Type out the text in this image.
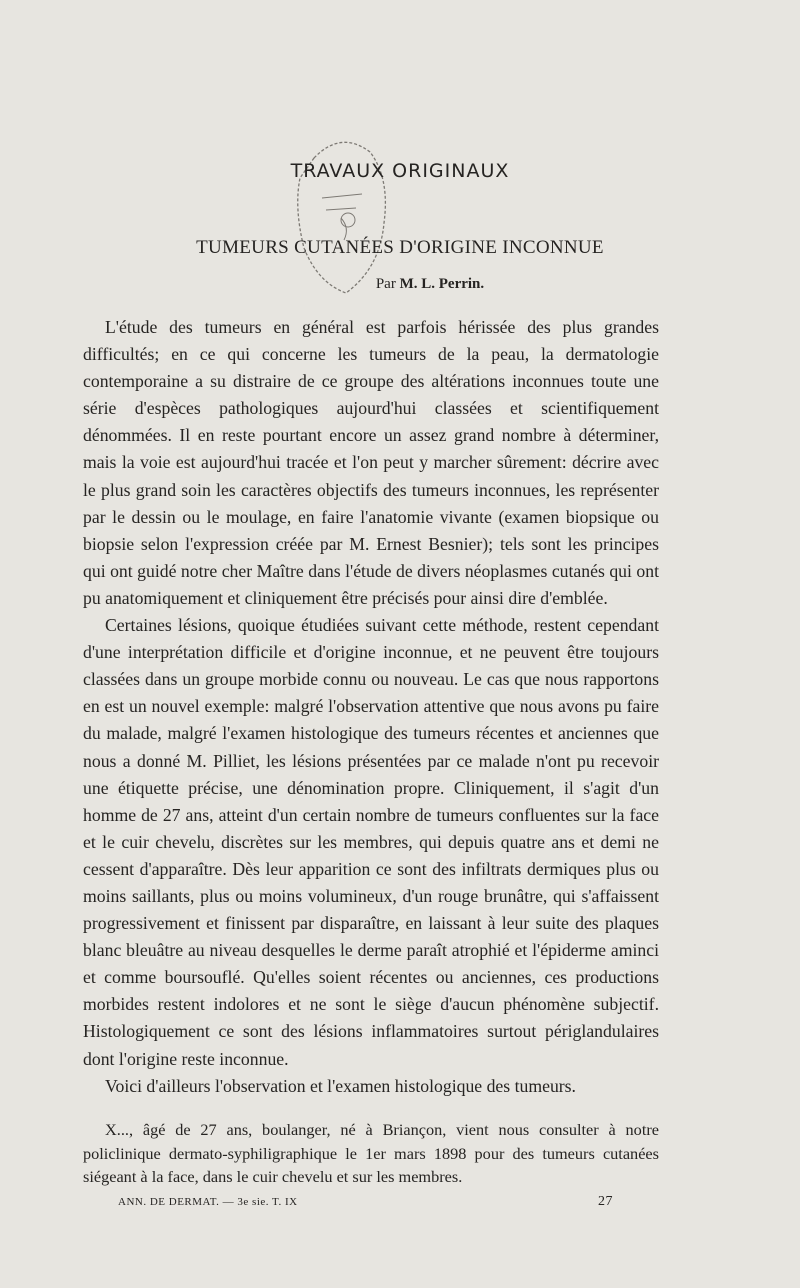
TRAVAUX ORIGINAUX
TUMEURS CUTANÉES D'ORIGINE INCONNUE
Par M. L. Perrin.

L'étude des tumeurs en général est parfois hérissée des plus grandes difficultés; en ce qui concerne les tumeurs de la peau, la dermatologie contemporaine a su distraire de ce groupe des altérations inconnues toute une série d'espèces pathologiques aujourd'hui classées et scientifiquement dénommées. Il en reste pourtant encore un assez grand nombre à déterminer, mais la voie est aujourd'hui tracée et l'on peut y marcher sûrement: décrire avec le plus grand soin les caractères objectifs des tumeurs inconnues, les représenter par le dessin ou le moulage, en faire l'anatomie vivante (examen biopsique ou biopsie selon l'expression créée par M. Ernest Besnier); tels sont les principes qui ont guidé notre cher Maître dans l'étude de divers néoplasmes cutanés qui ont pu anatomiquement et cliniquement être précisés pour ainsi dire d'emblée.

Certaines lésions, quoique étudiées suivant cette méthode, restent cependant d'une interprétation difficile et d'origine inconnue, et ne peuvent être toujours classées dans un groupe morbide connu ou nouveau. Le cas que nous rapportons en est un nouvel exemple: malgré l'observation attentive que nous avons pu faire du malade, malgré l'examen histologique des tumeurs récentes et anciennes que nous a donné M. Pilliet, les lésions présentées par ce malade n'ont pu recevoir une étiquette précise, une dénomination propre. Cliniquement, il s'agit d'un homme de 27 ans, atteint d'un certain nombre de tumeurs confluentes sur la face et le cuir chevelu, discrètes sur les membres, qui depuis quatre ans et demi ne cessent d'apparaître. Dès leur apparition ce sont des infiltrats dermiques plus ou moins saillants, plus ou moins volumineux, d'un rouge brunâtre, qui s'affaissent progressivement et finissent par disparaître, en laissant à leur suite des plaques blanc bleuâtre au niveau desquelles le derme paraît atrophié et l'épiderme aminci et comme boursouflé. Qu'elles soient récentes ou anciennes, ces productions morbides restent indolores et ne sont le siège d'aucun phénomène subjectif. Histologiquement ce sont des lésions inflammatoires surtout périglandulaires dont l'origine reste inconnue.

Voici d'ailleurs l'observation et l'examen histologique des tumeurs.

X..., âgé de 27 ans, boulanger, né à Briançon, vient nous consulter à notre policlinique dermato-syphiligraphique le 1er mars 1898 pour des tumeurs cutanées siégeant à la face, dans le cuir chevelu et sur les membres.
ANN. DE DERMAT. — 3e sie. T. IX	27
